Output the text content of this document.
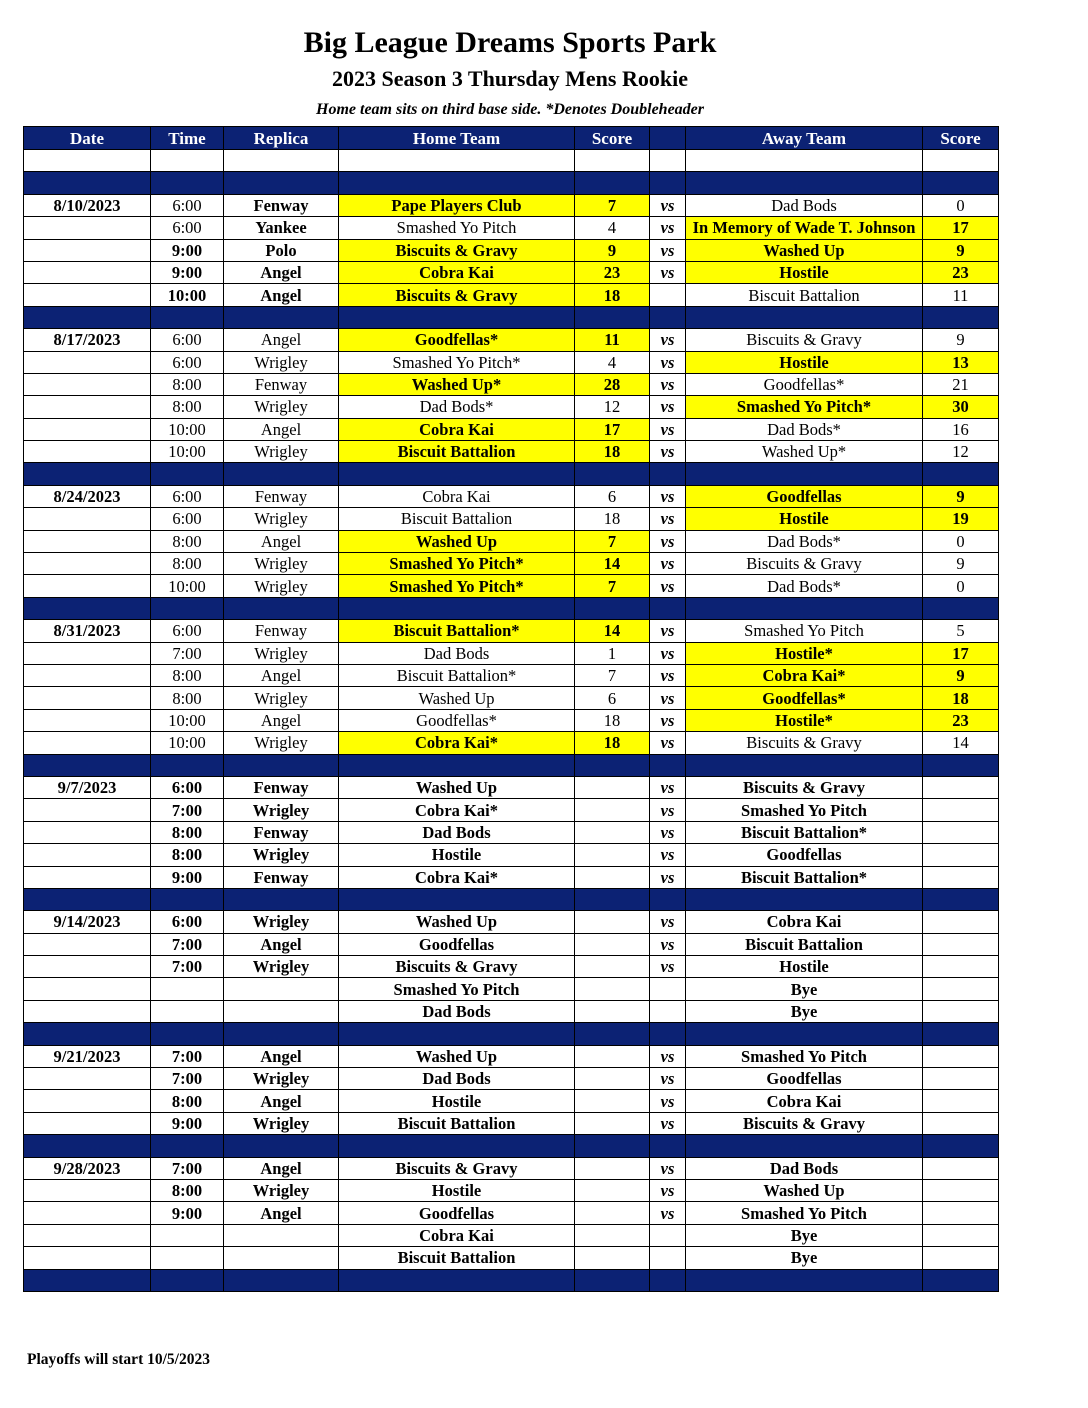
Big League Dreams Sports Park
2023 Season 3 Thursday Mens Rookie
Home team sits on third base side. *Denotes Doubleheader
Date	Time	Replica	Home Team	Score		Away Team	Score

8/10/2023	6:00	Fenway	Pape Players Club	7	vs	Dad Bods	0
	6:00	Yankee	Smashed Yo Pitch	4	vs	In Memory of Wade T. Johnson	17
	9:00	Polo	Biscuits & Gravy	9	vs	Washed Up	9
	9:00	Angel	Cobra Kai	23	vs	Hostile	23
	10:00	Angel	Biscuits & Gravy	18		Biscuit Battalion	11

8/17/2023	6:00	Angel	Goodfellas*	11	vs	Biscuits & Gravy	9
	6:00	Wrigley	Smashed Yo Pitch*	4	vs	Hostile	13
	8:00	Fenway	Washed Up*	28	vs	Goodfellas*	21
	8:00	Wrigley	Dad Bods*	12	vs	Smashed Yo Pitch*	30
	10:00	Angel	Cobra Kai	17	vs	Dad Bods*	16
	10:00	Wrigley	Biscuit Battalion	18	vs	Washed Up*	12

8/24/2023	6:00	Fenway	Cobra Kai	6	vs	Goodfellas	9
	6:00	Wrigley	Biscuit Battalion	18	vs	Hostile	19
	8:00	Angel	Washed Up	7	vs	Dad Bods*	0
	8:00	Wrigley	Smashed Yo Pitch*	14	vs	Biscuits & Gravy	9
	10:00	Wrigley	Smashed Yo Pitch*	7	vs	Dad Bods*	0

8/31/2023	6:00	Fenway	Biscuit Battalion*	14	vs	Smashed Yo Pitch	5
	7:00	Wrigley	Dad Bods	1	vs	Hostile*	17
	8:00	Angel	Biscuit Battalion*	7	vs	Cobra Kai*	9
	8:00	Wrigley	Washed Up	6	vs	Goodfellas*	18
	10:00	Angel	Goodfellas*	18	vs	Hostile*	23
	10:00	Wrigley	Cobra Kai*	18	vs	Biscuits & Gravy	14

9/7/2023	6:00	Fenway	Washed Up		vs	Biscuits & Gravy	
	7:00	Wrigley	Cobra Kai*		vs	Smashed Yo Pitch	
	8:00	Fenway	Dad Bods		vs	Biscuit Battalion*	
	8:00	Wrigley	Hostile		vs	Goodfellas	
	9:00	Fenway	Cobra Kai*		vs	Biscuit Battalion*	

9/14/2023	6:00	Wrigley	Washed Up		vs	Cobra Kai	
	7:00	Angel	Goodfellas		vs	Biscuit Battalion	
	7:00	Wrigley	Biscuits & Gravy		vs	Hostile	
			Smashed Yo Pitch			Bye	
			Dad Bods			Bye	

9/21/2023	7:00	Angel	Washed Up		vs	Smashed Yo Pitch	
	7:00	Wrigley	Dad Bods		vs	Goodfellas	
	8:00	Angel	Hostile		vs	Cobra Kai	
	9:00	Wrigley	Biscuit Battalion		vs	Biscuits & Gravy	

9/28/2023	7:00	Angel	Biscuits & Gravy		vs	Dad Bods	
	8:00	Wrigley	Hostile		vs	Washed Up	
	9:00	Angel	Goodfellas		vs	Smashed Yo Pitch	
			Cobra Kai			Bye	
			Biscuit Battalion			Bye	

Playoffs will start 10/5/2023
